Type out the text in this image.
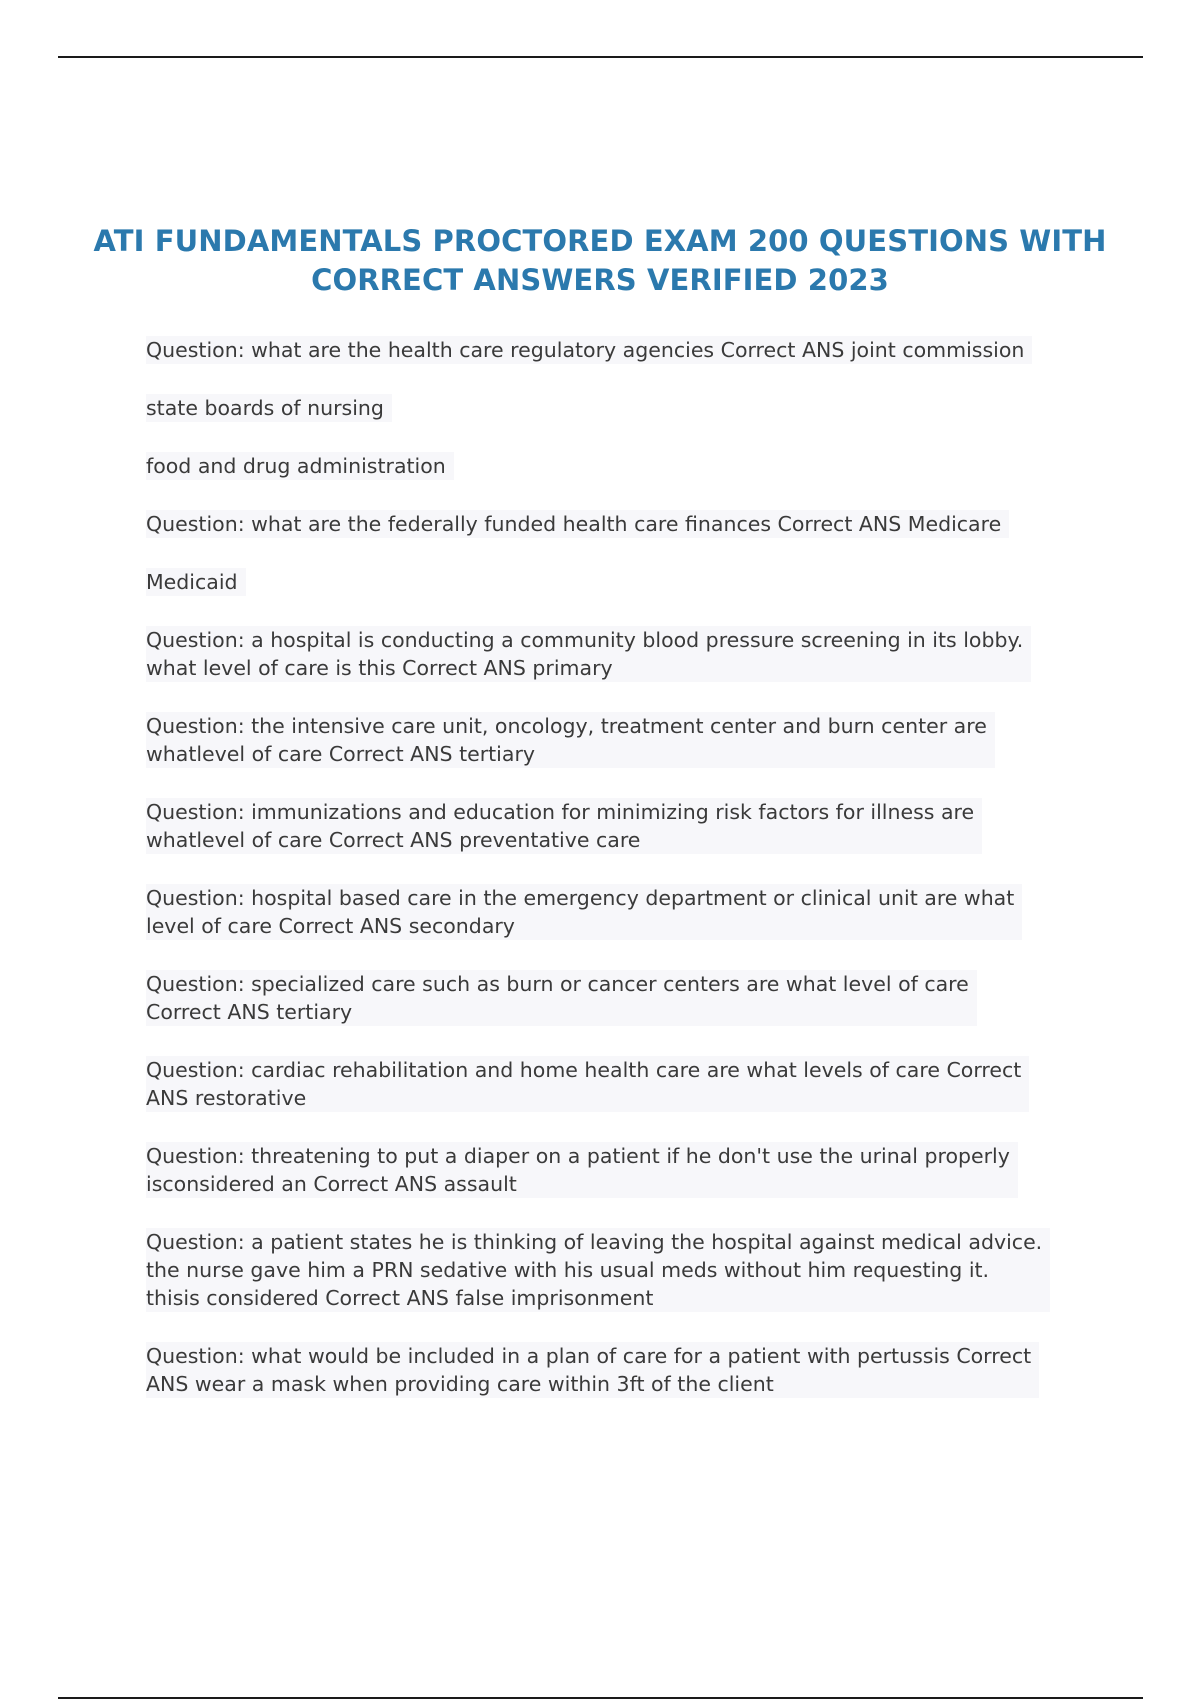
ATI FUNDAMENTALS PROCTORED EXAM 200 QUESTIONS WITH
CORRECT ANSWERS VERIFIED 2023
Question: what are the health care regulatory agencies Correct ANS joint commission
state boards of nursing
food and drug administration
Question: what are the federally funded health care finances Correct ANS Medicare
Medicaid
Question: a hospital is conducting a community blood pressure screening in its lobby.
what level of care is this Correct ANS primary
Question: the intensive care unit, oncology, treatment center and burn center are
whatlevel of care Correct ANS tertiary
Question: immunizations and education for minimizing risk factors for illness are
whatlevel of care Correct ANS preventative care
Question: hospital based care in the emergency department or clinical unit are what
level of care Correct ANS secondary
Question: specialized care such as burn or cancer centers are what level of care
Correct ANS tertiary
Question: cardiac rehabilitation and home health care are what levels of care Correct
ANS restorative
Question: threatening to put a diaper on a patient if he don't use the urinal properly
isconsidered an Correct ANS assault
Question: a patient states he is thinking of leaving the hospital against medical advice.
the nurse gave him a PRN sedative with his usual meds without him requesting it.
thisis considered Correct ANS false imprisonment
Question: what would be included in a plan of care for a patient with pertussis Correct
ANS wear a mask when providing care within 3ft of the client
